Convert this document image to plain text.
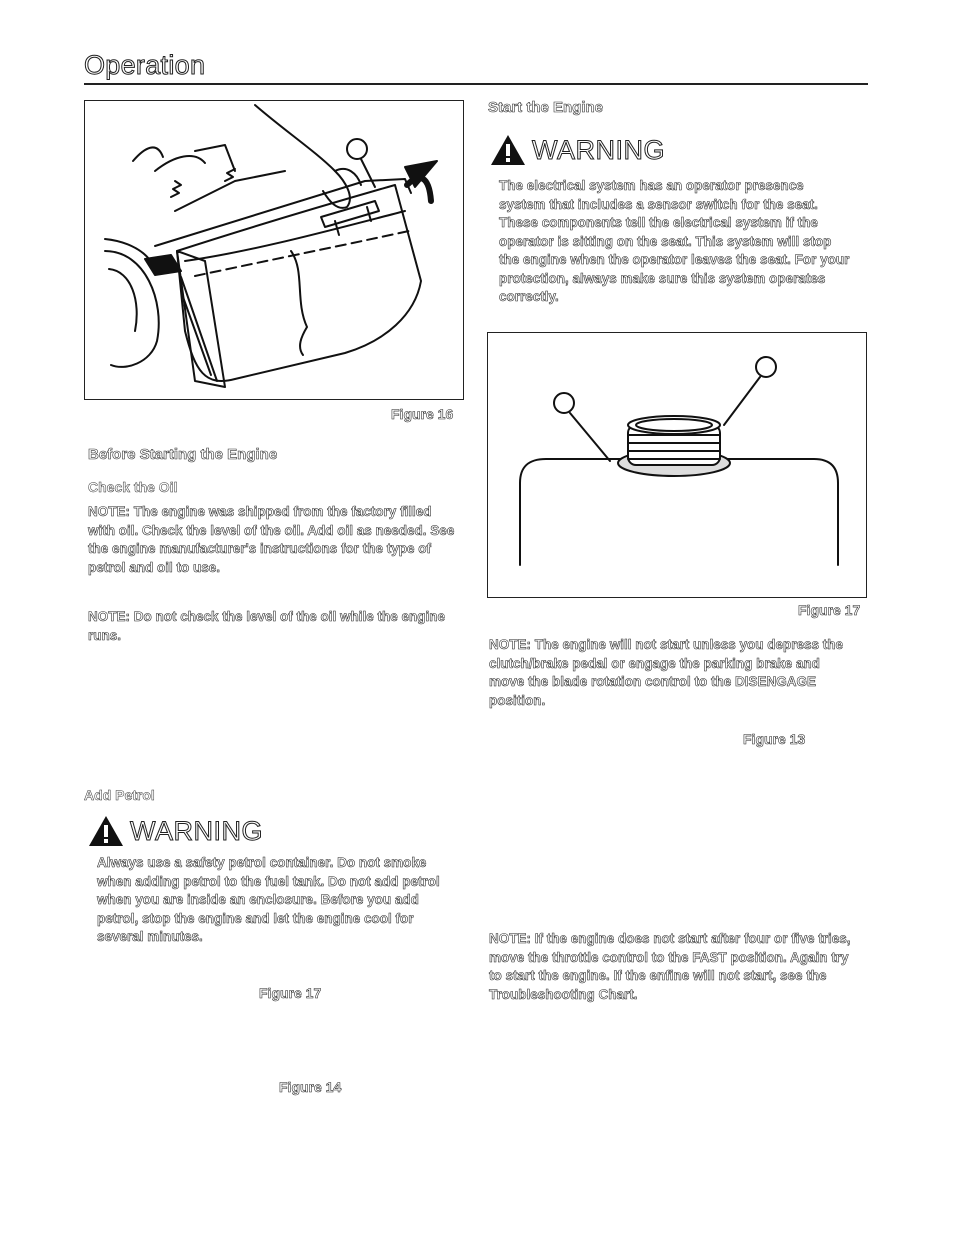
Operation
Figure 16
Before Starting the Engine
Check the Oil
NOTE: The engine was shipped from the factory filled with oil. Check the level of the oil. Add oil as needed. See the engine manufacturer's instructions for the type of petrol and oil to use.
NOTE: Do not check the level of the oil while the engine runs.
Add Petrol
WARNING
Always use a safety petrol container. Do not smoke when adding petrol to the fuel tank. Do not add petrol when you are inside an enclosure. Before you add petrol, stop the engine and let the engine cool for several minutes.
Figure 17
Figure 14
Start the Engine
WARNING
The electrical system has an operator presence system that includes a sensor switch for the seat. These components tell the electrical system if the operator is sitting on the seat. This system will stop the engine when the operator leaves the seat. For your protection, always make sure this system operates correctly.
Figure 17
NOTE: The engine will not start unless you depress the clutch/brake pedal or engage the parking brake and move the blade rotation control to the DISENGAGE position.
Figure 13
NOTE: If the engine does not start after four or five tries, move the throttle control to the FAST position. Again try to start the engine. If the enfine will not start, see the Troubleshooting Chart.
